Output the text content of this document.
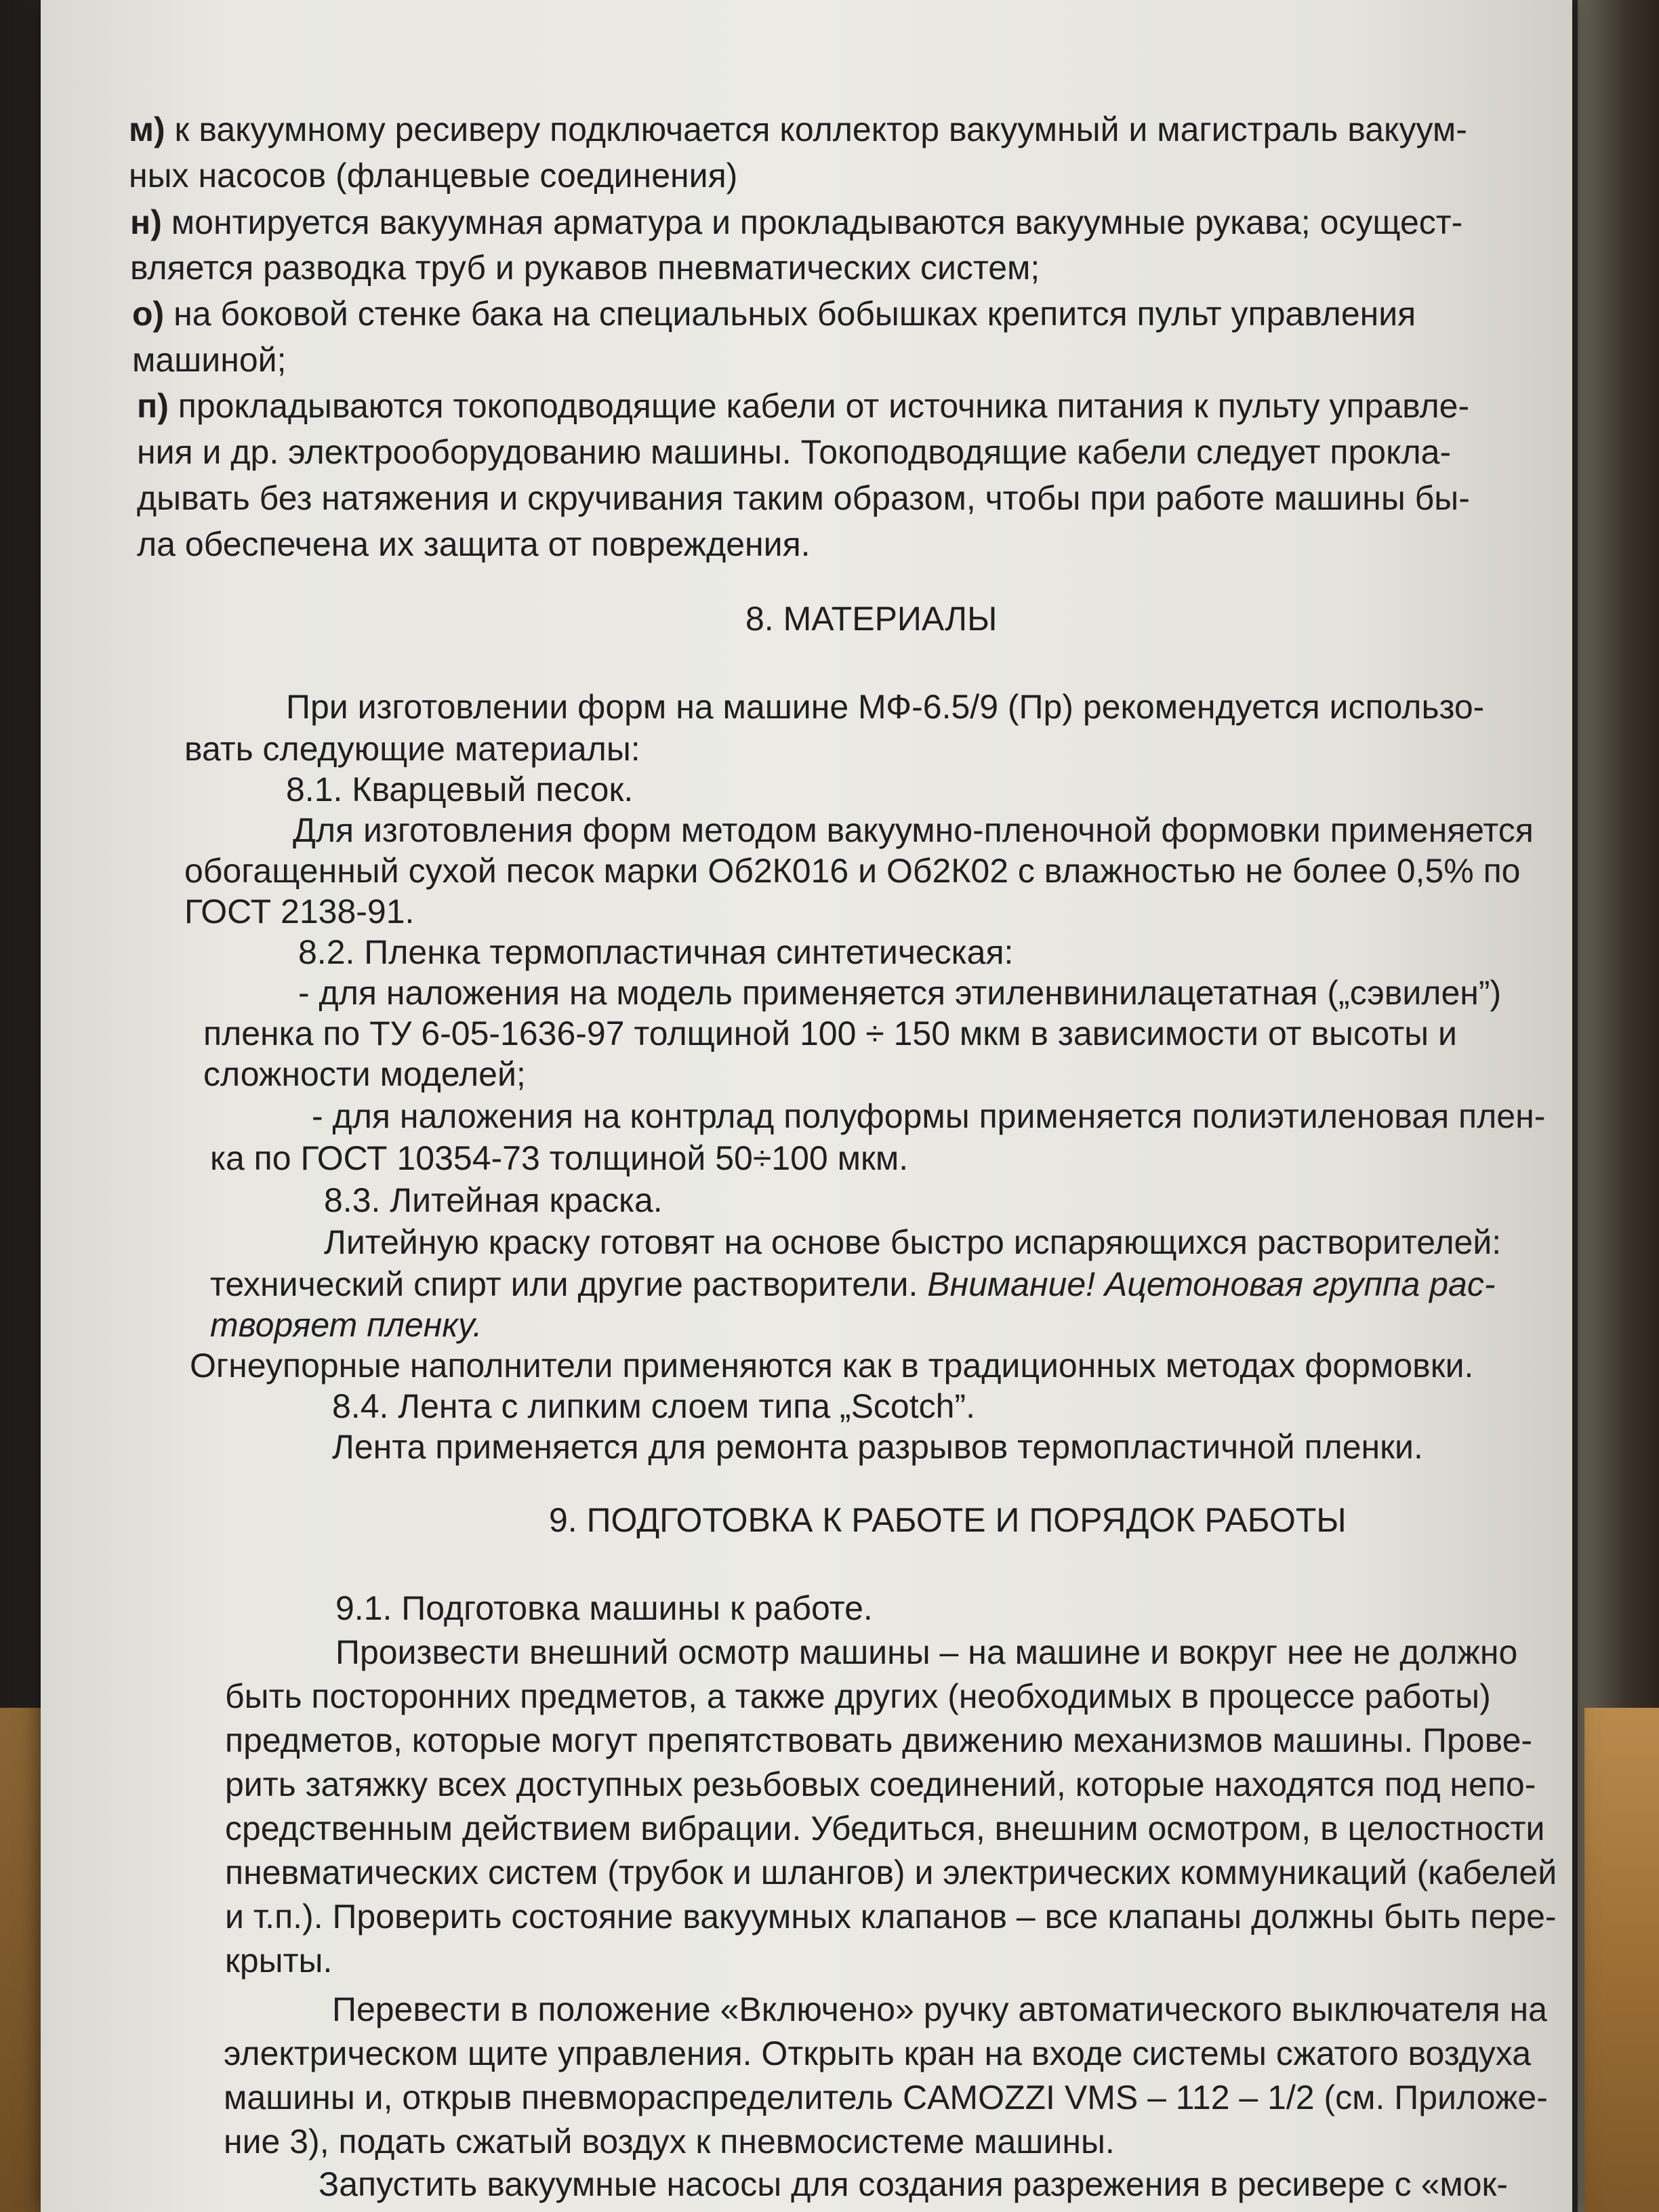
м) к вакуумному ресиверу подключается коллектор вакуумный и магистраль вакуум-
ных насосов (фланцевые соединения)
н) монтируется вакуумная арматура и прокладываются вакуумные рукава; осущест-
вляется разводка труб и рукавов пневматических систем;
о) на боковой стенке бака на специальных бобышках крепится пульт управления
машиной;
п) прокладываются токоподводящие кабели от источника питания к пульту управле-
ния и др. электрооборудованию машины. Токоподводящие кабели следует прокла-
дывать без натяжения и скручивания таким образом, чтобы при работе машины бы-
ла обеспечена их защита от повреждения.
8. МАТЕРИАЛЫ
При изготовлении форм на машине МФ-6.5/9 (Пр) рекомендуется использо-
вать следующие материалы:
8.1. Кварцевый песок.
Для изготовления форм методом вакуумно-пленочной формовки применяется
обогащенный сухой песок марки Об2К016 и Об2К02 с влажностью не более 0,5% по
ГОСТ 2138-91.
8.2. Пленка термопластичная синтетическая:
- для наложения на модель применяется этиленвинилацетатная („сэвилен”)
пленка по ТУ 6-05-1636-97 толщиной 100 ÷ 150 мкм в зависимости от высоты и
сложности моделей;
- для наложения на контрлад полуформы применяется полиэтиленовая плен-
ка по ГОСТ 10354-73 толщиной 50÷100 мкм.
8.3. Литейная краска.
Литейную краску готовят на основе быстро испаряющихся растворителей:
технический спирт или другие растворители. Внимание! Ацетоновая группа рас-
творяет пленку.
Огнеупорные наполнители применяются как в традиционных методах формовки.
8.4. Лента с липким слоем типа „Scotch”.
Лента применяется для ремонта разрывов термопластичной пленки.
9. ПОДГОТОВКА К РАБОТЕ И ПОРЯДОК РАБОТЫ
9.1. Подготовка машины к работе.
Произвести внешний осмотр машины – на машине и вокруг нее не должно
быть посторонних предметов, а также других (необходимых в процессе работы)
предметов, которые могут препятствовать движению механизмов машины. Прове-
рить затяжку всех доступных резьбовых соединений, которые находятся под непо-
средственным действием вибрации. Убедиться, внешним осмотром, в целостности
пневматических систем (трубок и шлангов) и электрических коммуникаций (кабелей
и т.п.). Проверить состояние вакуумных клапанов – все клапаны должны быть пере-
крыты.
Перевести в положение «Включено» ручку автоматического выключателя на
электрическом щите управления. Открыть кран на входе системы сжатого воздуха
машины и, открыв пневмораспределитель CAMOZZI VMS – 112 – 1/2 (см. Приложе-
ние 3), подать сжатый воздух к пневмосистеме машины.
Запустить вакуумные насосы для создания разрежения в ресивере с «мок-
